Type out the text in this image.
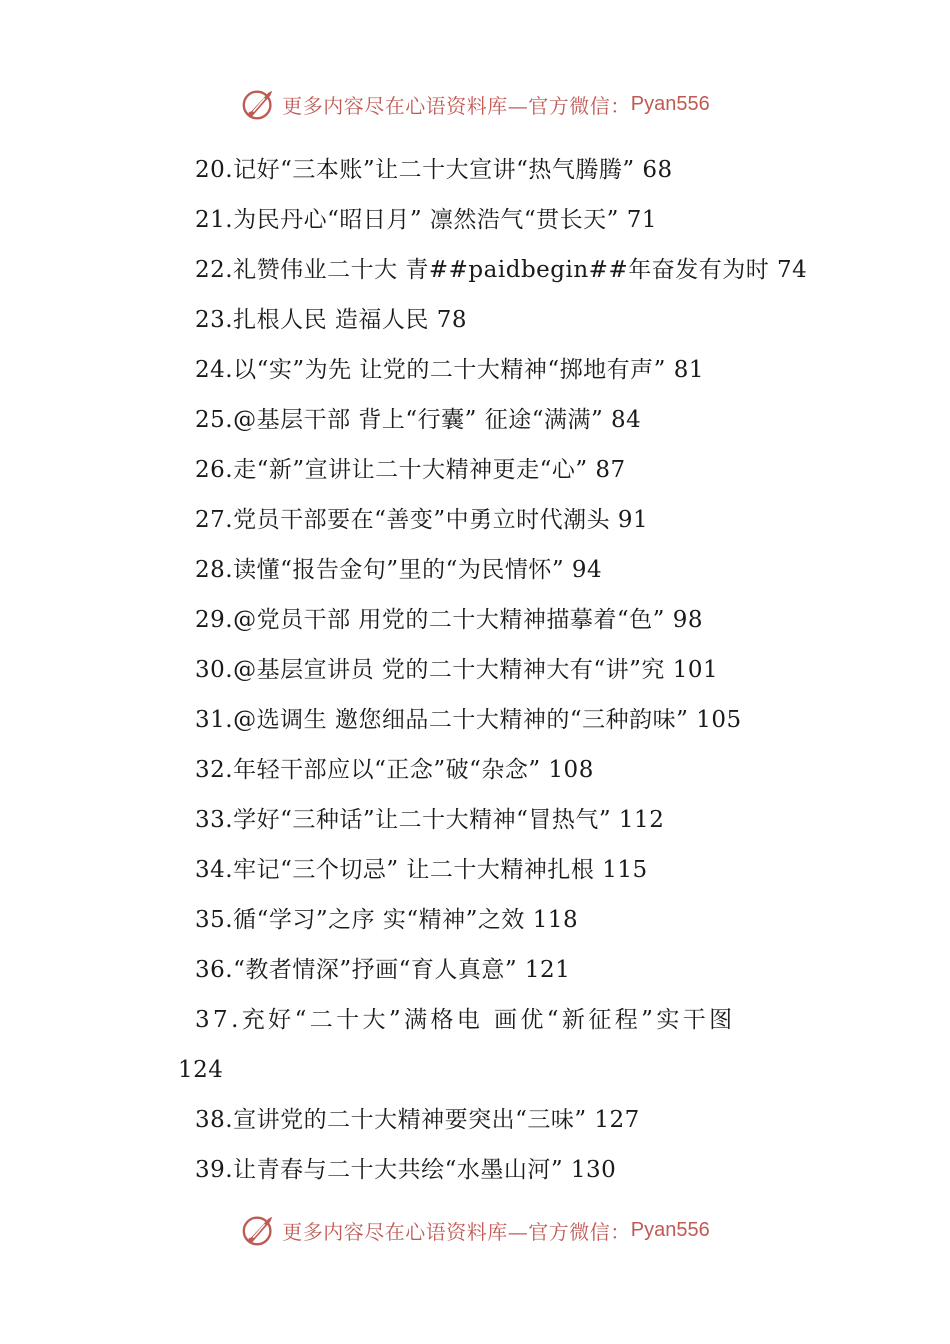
更多内容尽在心语资料库—官方微信： Pyan556
20.记好“三本账”让二十大宣讲“热气腾腾” 68
21.为民丹心“昭日月” 凛然浩气“贯长天” 71
22.礼赞伟业二十大 青##paidbegin##年奋发有为时 74
23.扎根人民 造福人民 78
24.以“实”为先 让党的二十大精神“掷地有声” 81
25.@基层干部 背上“行囊” 征途“满满” 84
26.走“新”宣讲让二十大精神更走“心” 87
27.党员干部要在“善变”中勇立时代潮头 91
28.读懂“报告金句”里的“为民情怀” 94
29.@党员干部 用党的二十大精神描摹着“色” 98
30.@基层宣讲员 党的二十大精神大有“讲”究 101
31.@选调生 邀您细品二十大精神的“三种韵味” 105
32.年轻干部应以“正念”破“杂念” 108
33.学好“三种话”让二十大精神“冒热气” 112
34.牢记“三个切忌” 让二十大精神扎根 115
35.循“学习”之序 实“精神”之效 118
36.“教者情深”抒画“育人真意” 121
37.充好“二十大”满格电 画优“新征程”实干图
124
38.宣讲党的二十大精神要突出“三味” 127
39.让青春与二十大共绘“水墨山河” 130
更多内容尽在心语资料库—官方微信： Pyan556
